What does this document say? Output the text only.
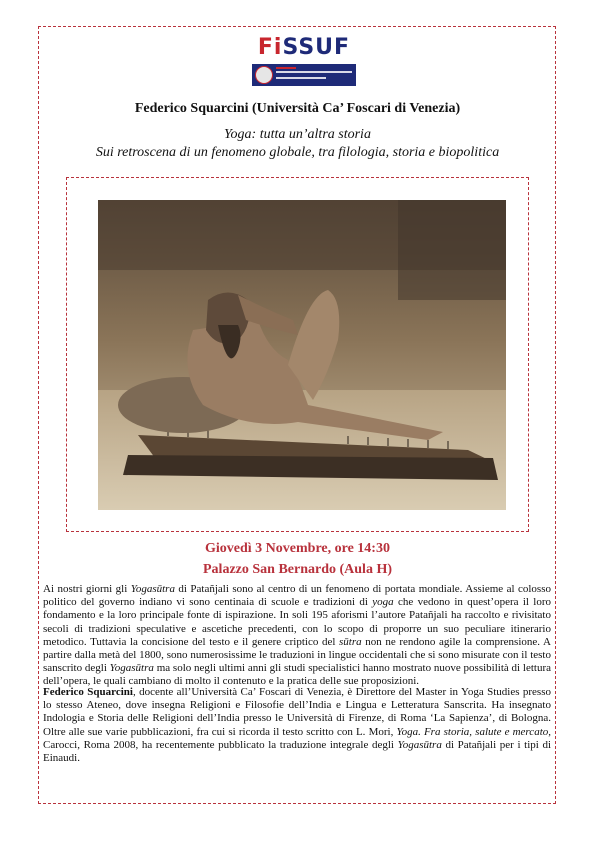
FiSSUF
Federico Squarcini (Università Ca’ Foscari di Venezia)
Yoga: tutta un’altra storia
Sui retroscena di un fenomeno globale, tra filologia, storia e biopolitica
Giovedì 3 Novembre, ore 14:30
Palazzo San Bernardo (Aula H)
Ai nostri giorni gli Yogasūtra di Patañjali sono al centro di un fenomeno di portata mondiale. Assieme al colosso politico del governo indiano vi sono centinaia di scuole e tradizioni di yoga che vedono in quest’opera il loro fondamento e la loro principale fonte di ispirazione. In soli 195 aforismi l’autore Patañjali ha raccolto e rivisitato secoli di tradizioni speculative e ascetiche precedenti, con lo scopo di proporre un suo peculiare itinerario metodico. Tuttavia la concisione del testo e il genere criptico del sūtra non ne rendono agile la comprensione. A partire dalla metà del 1800, sono numerosissime le traduzioni in lingue occidentali che si sono misurate con il testo sanscrito degli Yogasūtra ma solo negli ultimi anni gli studi specialistici hanno mostrato nuove possibilità di lettura dell’opera, le quali cambiano di molto il contenuto e la pratica delle sue proposizioni.
Federico Squarcini, docente all’Università Ca’ Foscari di Venezia, è Direttore del Master in Yoga Studies presso lo stesso Ateneo, dove insegna Religioni e Filosofie dell’India e Lingua e Letteratura Sanscrita. Ha insegnato Indologia e Storia delle Religioni dell’India presso le Università di Firenze, di Roma ‘La Sapienza’, di Bologna. Oltre alle sue varie pubblicazioni, fra cui si ricorda il testo scritto con L. Mori, Yoga. Fra storia, salute e mercato, Carocci, Roma 2008, ha recentemente pubblicato la traduzione integrale degli Yogasūtra di Patañjali per i tipi di Einaudi.
